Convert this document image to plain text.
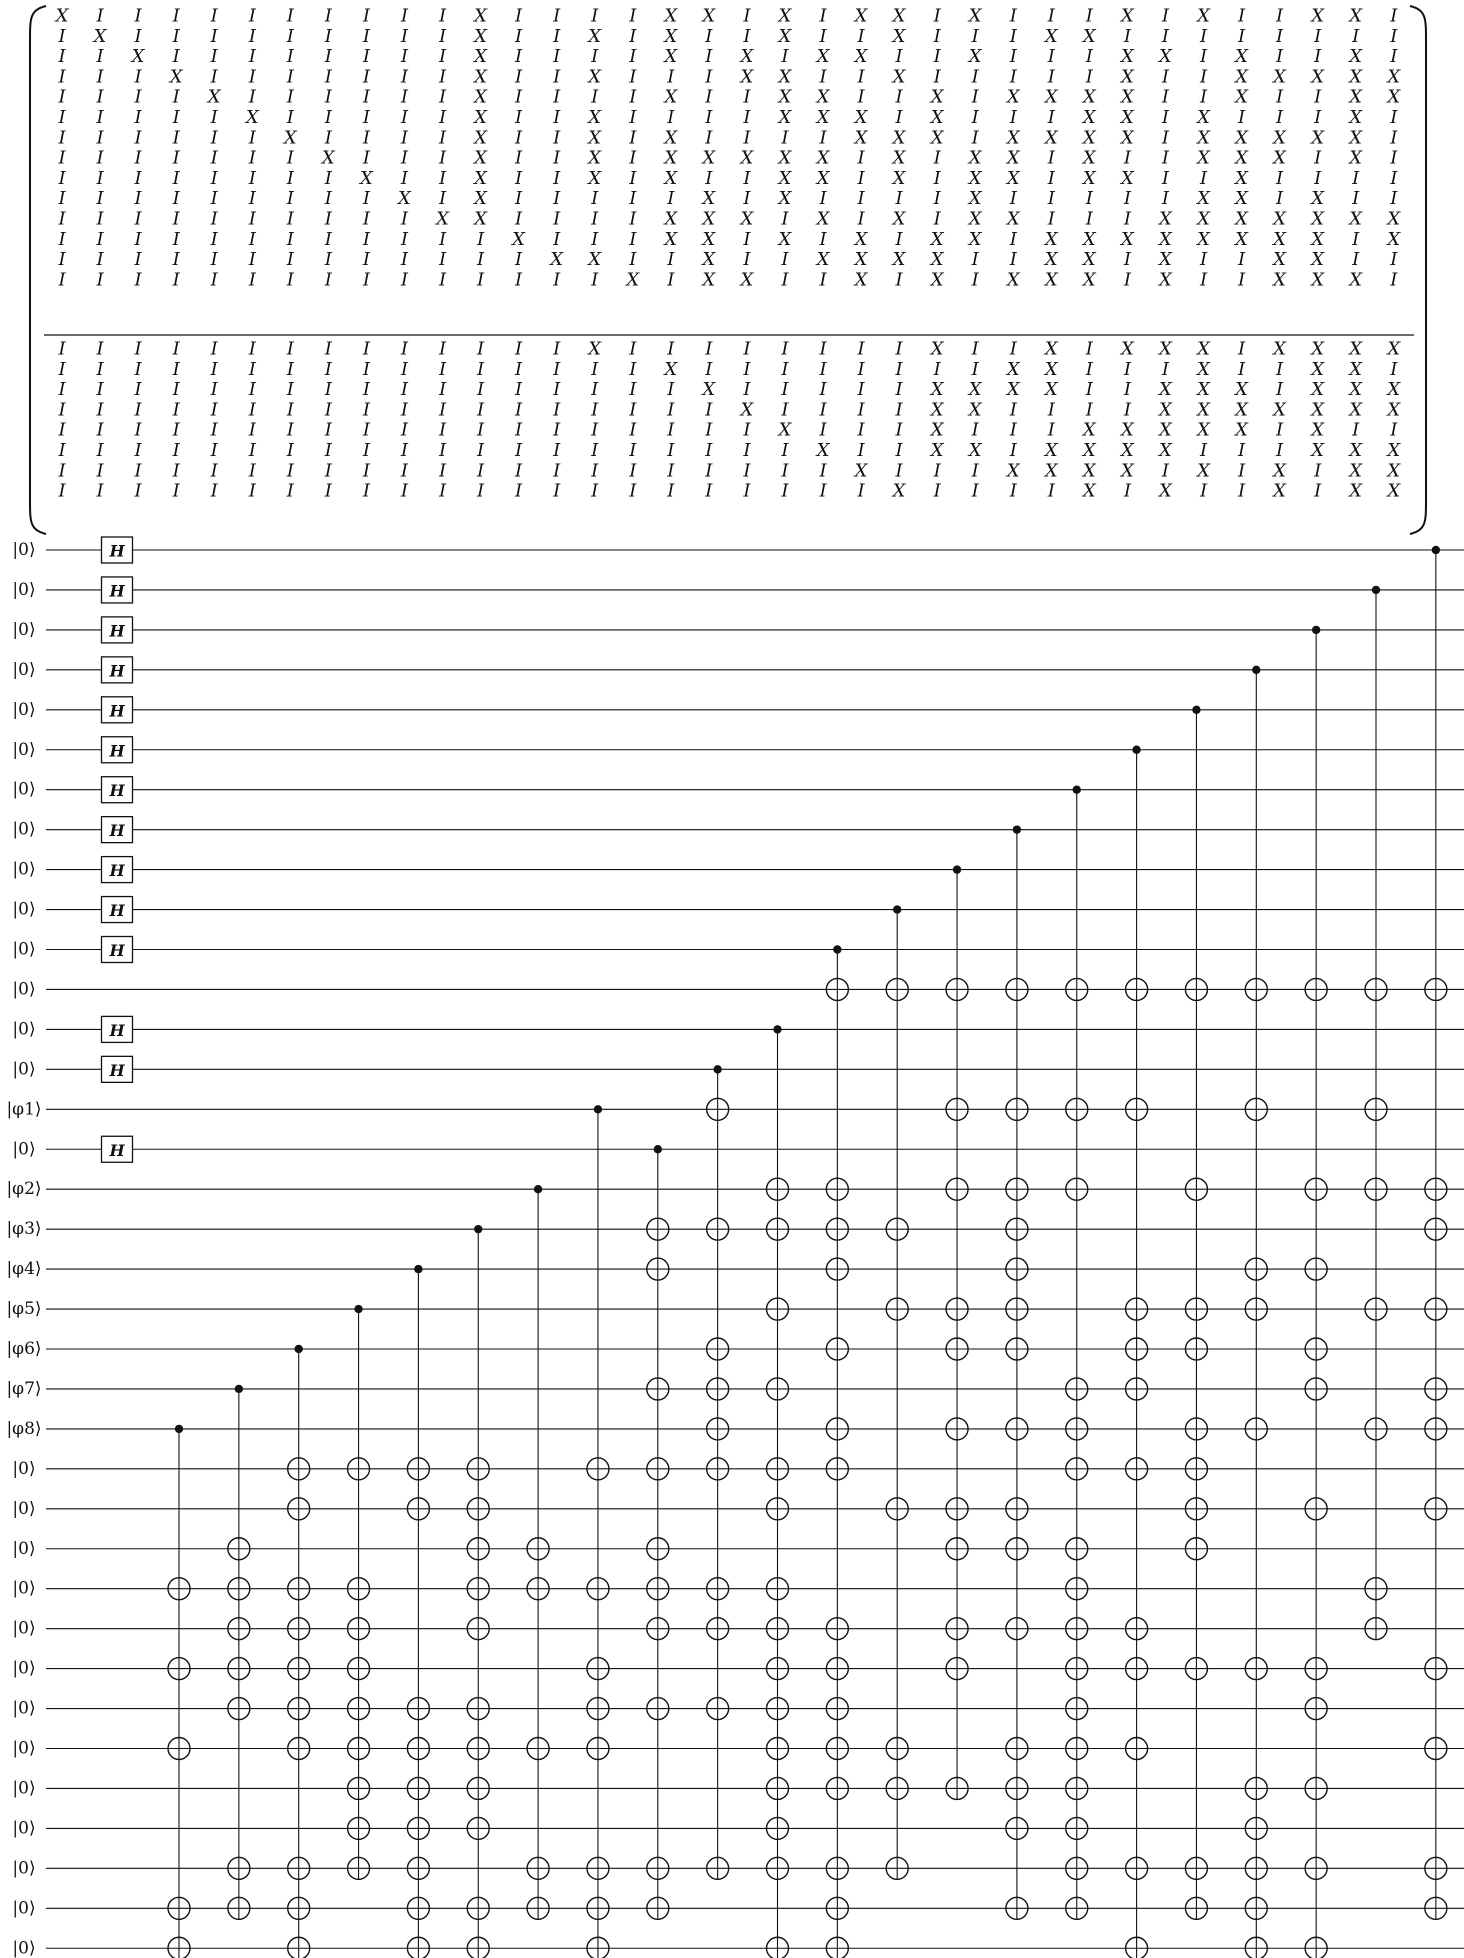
X I I I I I I I I I I X I I I I X X I X I X X I X I I I X I X I I X X I
I X I I I I I I I I I X I I X I X I I X I I X I I I X X I I I I I I I I
I I X I I I I I I I I X I I I I X I X I X X I I X I I I X X I X I I X I
I I I X I I I I I I I X I I X I I I X X I I X I I I I I X I I X X X X X
I I I I X I I I I I I X I I I I X I I X X I I X I X X X X I I X I I X X
I I I I I X I I I I I X I I X I I I I X X X I X I I I X X I X I I I X I
I I I I I I X I I I I X I I X I X I I I I X X X I X X X X I X X X X X I
I I I I I I I X I I I X I I X I X X X X X I X I X X I X I I X X X I X I
I I I I I I I I X I I X I I X I X I I X X I X I X X I X X I I X I I I I
I I I I I I I I I X I X I I I I I X I X I I I I X I I I I I X X I X I I
I I I I I I I I I I X X I I I I X X X I X I X I X X I I I X X X X X X X
I I I I I I I I I I I I X I I I X X I X I X I X X I X X X X X X X X I X
I I I I I I I I I I I I I X X I I X I I X X X X I I X X I X I I X X I I
I I I I I I I I I I I I I I I X I X X I I X I X I X X X I X I I X X X I
I I I I I I I I I I I I I I X I I I I I I I I X I I X I X X X I X X X X
I I I I I I I I I I I I I I I I X I I I I I I I I X X I I I X I I X X I
I I I I I I I I I I I I I I I I I X I I I I I X X X X I I X X X I X X X
I I I I I I I I I I I I I I I I I I X I I I I X X I I I I X X X X X X X
I I I I I I I I I I I I I I I I I I I X I I I X I I I X X X X X I X I I
I I I I I I I I I I I I I I I I I I I I X I I X X I X X X X I I I X X X
I I I I I I I I I I I I I I I I I I I I I X I I I X X X X I X I X I X X
I I I I I I I I I I I I I I I I I I I I I I X I I I I X I X I I X I X X
|0⟩
|0⟩
|0⟩
|0⟩
|0⟩
|0⟩
|0⟩
|0⟩
|0⟩
|0⟩
|0⟩
|0⟩
|0⟩
|0⟩
|φ1⟩
|0⟩
|φ2⟩
|φ3⟩
|φ4⟩
|φ5⟩
|φ6⟩
|φ7⟩
|φ8⟩
|0⟩
|0⟩
|0⟩
|0⟩
|0⟩
|0⟩
|0⟩
|0⟩
|0⟩
|0⟩
|0⟩
|0⟩
|0⟩
H
H
H
H
H
H
H
H
H
H
H
H
H
H
